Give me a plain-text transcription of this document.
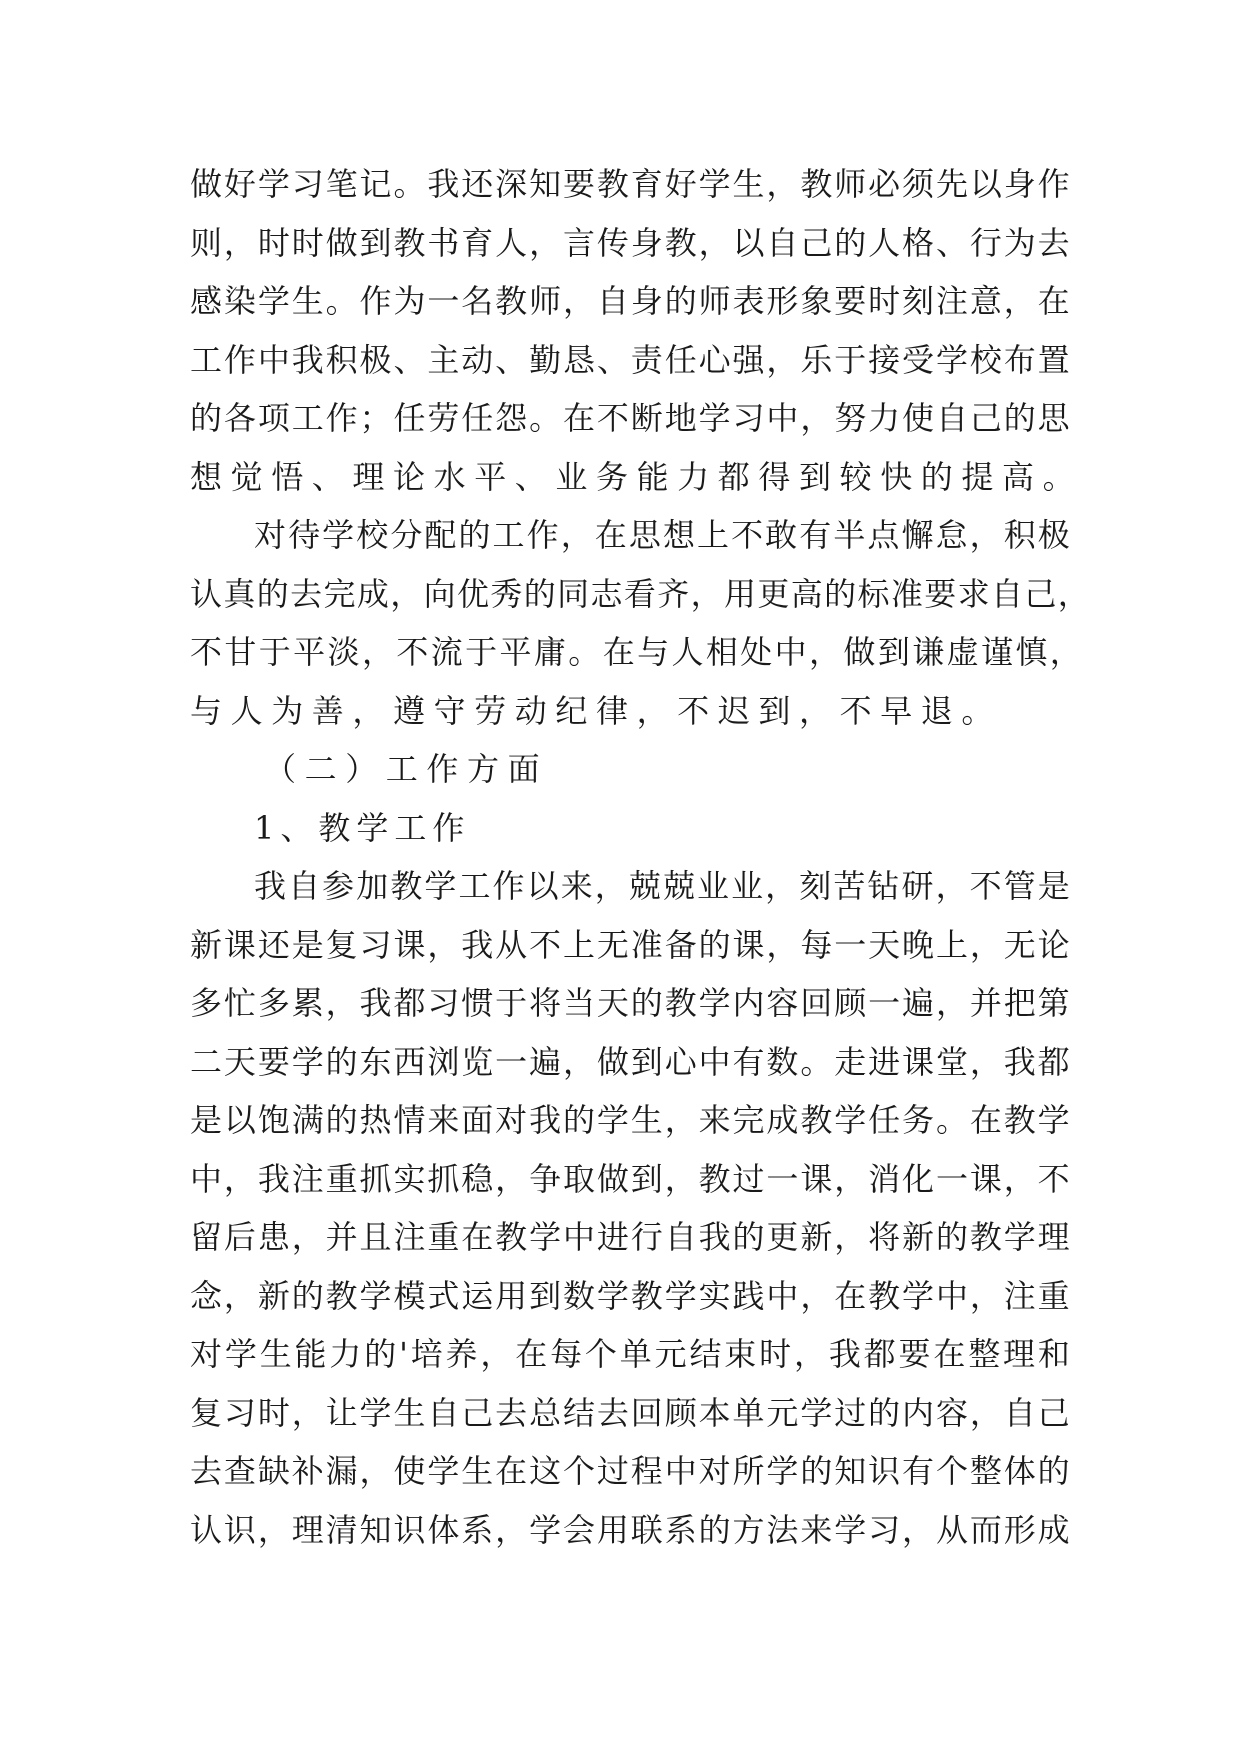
做 好 学 习 笔 记 。 我 还 深 知 要 教 育 好 学 生 ， 教 师 必 须 先 以 身 作
则 ， 时 时 做 到 教 书 育 人 ， 言 传 身 教 ， 以 自 己 的 人 格 、 行 为 去
感 染 学 生 。 作 为 一 名 教 师 ， 自 身 的 师 表 形 象 要 时 刻 注 意 ， 在
工 作 中 我 积 极 、 主 动 、 勤 恳 、 责 任 心 强 ， 乐 于 接 受 学 校 布 置
的 各 项 工 作 ； 任 劳 任 怨 。 在 不 断 地 学 习 中 ， 努 力 使 自 己 的 思
想觉悟、理论水平、业务能力都得到较快的提高。
对 待 学 校 分 配 的 工 作 ， 在 思 想 上 不 敢 有 半 点 懈 怠 ， 积 极
认 真 的 去 完 成 ， 向 优 秀 的 同 志 看 齐 ， 用 更 高 的 标 准 要 求 自 己 ，
不 甘 于 平 淡 ， 不 流 于 平 庸 。 在 与 人 相 处 中 ， 做 到 谦 虚 谨 慎 ，
与人为善，遵守劳动纪律，不迟到，不早退。
（二）工作方面
1、教学工作
我 自 参 加 教 学 工 作 以 来 ， 兢 兢 业 业 ， 刻 苦 钻 研 ， 不 管 是
新 课 还 是 复 习 课 ， 我 从 不 上 无 准 备 的 课 ， 每 一 天 晚 上 ， 无 论
多 忙 多 累 ， 我 都 习 惯 于 将 当 天 的 教 学 内 容 回 顾 一 遍 ， 并 把 第
二 天 要 学 的 东 西 浏 览 一 遍 ， 做 到 心 中 有 数 。 走 进 课 堂 ， 我 都
是 以 饱 满 的 热 情 来 面 对 我 的 学 生 ， 来 完 成 教 学 任 务 。 在 教 学
中 ， 我 注 重 抓 实 抓 稳 ， 争 取 做 到 ， 教 过 一 课 ， 消 化 一 课 ， 不
留 后 患 ， 并 且 注 重 在 教 学 中 进 行 自 我 的 更 新 ， 将 新 的 教 学 理
念 ， 新 的 教 学 模 式 运 用 到 数 学 教 学 实 践 中 ， 在 教 学 中 ， 注 重
对 学 生 能 力 的 ' 培 养 ， 在 每 个 单 元 结 束 时 ， 我 都 要 在 整 理 和
复 习 时 ， 让 学 生 自 己 去 总 结 去 回 顾 本 单 元 学 过 的 内 容 ， 自 己
去 查 缺 补 漏 ， 使 学 生 在 这 个 过 程 中 对 所 学 的 知 识 有 个 整 体 的
认 识 ， 理 清 知 识 体 系 ， 学 会 用 联 系 的 方 法 来 学 习 ， 从 而 形 成
